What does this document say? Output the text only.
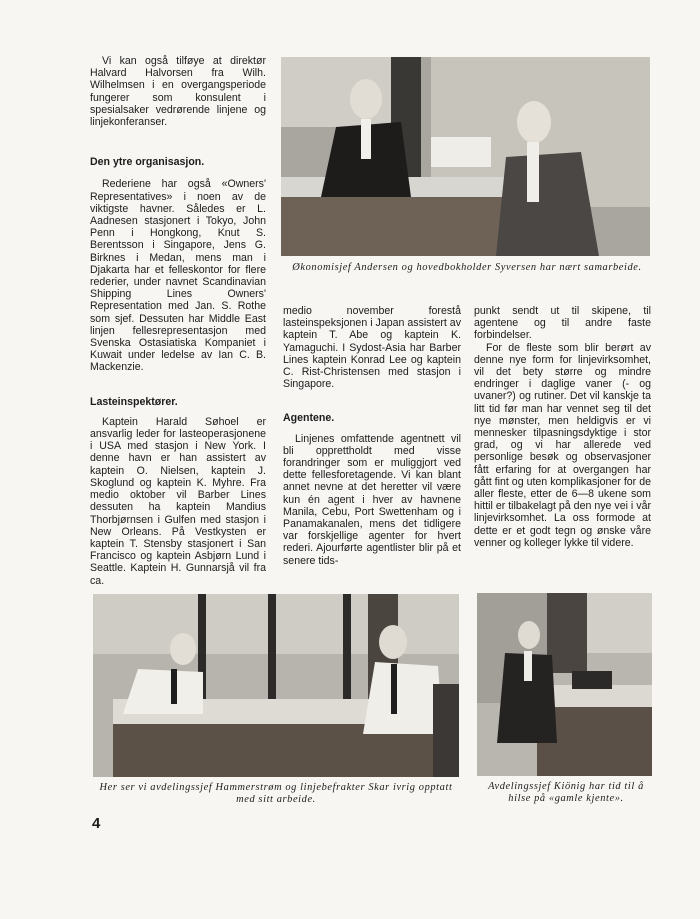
Vi kan også tilføye at direktør Halvard Halvorsen fra Wilh. Wilhelmsen i en overgangsperiode fungerer som konsulent i spesialsaker vedrørende linjene og linjekonferanser.

Den ytre organisasjon.

Rederiene har også «Owners' Representatives» i noen av de viktigste havner. Således er L. Aadnesen stasjonert i Tokyo, John Penn i Hongkong, Knut S. Berentsson i Singapore, Jens G. Birknes i Medan, mens man i Djakarta har et felleskontor for flere rederier, under navnet Scandinavian Shipping Lines Owners' Representation med Jan. S. Rothe som sjef. Dessuten har Middle East linjen fellesrepresentasjon med Svenska Ostasiatiska Kompaniet i Kuwait under ledelse av Ian C. B. Mackenzie.

Lasteinspektører.

Kaptein Harald Søhoel er ansvarlig leder for lasteoperasjonene i USA med stasjon i New York. I denne havn er han assistert av kaptein O. Nielsen, kaptein J. Skoglund og kaptein K. Myhre. Fra medio oktober vil Barber Lines dessuten ha kaptein Mandius Thorbjørnsen i Gulfen med stasjon i New Orleans. På Vestkysten er kaptein T. Stensby stasjonert i San Francisco og kaptein Asbjørn Lund i Seattle. Kaptein H. Gunnarsjå vil fra ca.

Økonomisjef Andersen og hovedbokholder Syversen har nært samarbeide.

medio november forestå lasteinspeksjonen i Japan assistert av kaptein T. Abe og kaptein K. Yamaguchi. I Sydost-Asia har Barber Lines kaptein Konrad Lee og kaptein C. Rist-Christensen med stasjon i Singapore.

Agentene.

Linjenes omfattende agentnett vil bli opprettholdt med visse forandringer som er muliggjort ved dette fellesforetagende. Vi kan blant annet nevne at det heretter vil være kun én agent i hver av havnene Manila, Cebu, Port Swettenham og i Panamakanalen, mens det tidligere var forskjellige agenter for hvert rederi. Ajourførte agentlister blir på et senere tids-

punkt sendt ut til skipene, til agentene og til andre faste forbindelser.

For de fleste som blir berørt av denne nye form for linjevirksomhet, vil det bety større og mindre endringer i daglige vaner (- og uvaner?) og rutiner. Det vil kanskje ta litt tid før man har vennet seg til det nye mønster, men heldigvis er vi mennesker tilpasningsdyktige i stor grad, og vi har allerede ved personlige besøk og observasjoner fått erfaring for at overgangen har gått fint og uten komplikasjoner for de aller fleste, etter de 6—8 ukene som hittil er tilbakelagt på den nye vei i vår linjevirksomhet. La oss formode at dette er et godt tegn og ønske våre venner og kolleger lykke til videre.

Her ser vi avdelingssjef Hammerstrøm og linjebefrakter Skar ivrig opptatt med sitt arbeide.
Avdelingssjef Kiönig har tid til å hilse på «gamle kjente».
4
